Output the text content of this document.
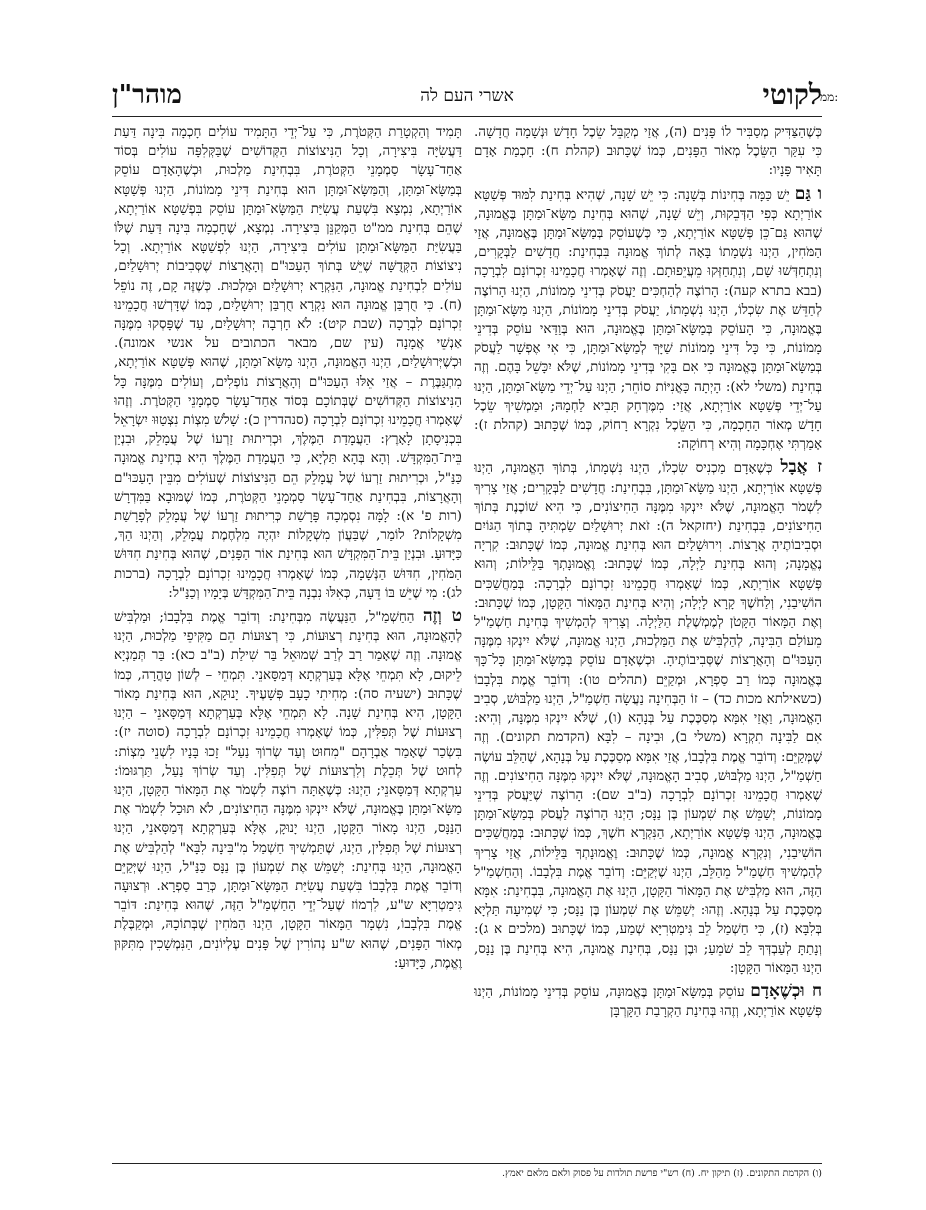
לקוטי
אשרי העם לה
מוהר"ן	ממ:

כְּשֶׁהַצַּדִּיק מְסַבִּיר לוֹ פָּנִים (ה), אֲזַי מְקַבֵּל שֵׂכֶל חָדָשׁ וּנְשָׁמָה חֲדָשָׁה. כִּי עִקַּר הַשֵּׂכֶל מְאוֹר הַפָּנִים, כְּמוֹ שֶׁכָּתוּב (קהלת ח): חָכְמַת אָדָם תָּאִיר פָּנָיו:

ו גַּם יֵשׁ כַּמָּה בְּחִינוֹת בְּשָׁנָה: כִּי יֵשׁ שָׁנָה, שֶׁהִיא בְּחִינַת לִמּוּד פְּשַׁטָּא אוֹרַיְתָא כְּפִי הַדְּבֵקוּת, וְיֵשׁ שָׁנָה, שֶׁהוּא בְּחִינַת מַשָּׂא־וּמַתָּן בֶּאֱמוּנָה, שֶׁהוּא גַּם־כֵּן פְּשַׁטָּא אוֹרַיְתָא, כִּי כְּשֶׁעוֹסֵק בְּמַשָּׂא־וּמַתָּן בֶּאֱמוּנָה, אֲזַי הַמֹּחִין, הַיְנוּ נִשְׁמָתוֹ בָּאָה לְתוֹךְ אֱמוּנָה בִּבְחִינַת: חֲדָשִׁים לַבְּקָרִים, וְנִתְחַדְּשׁוּ שָׁם, וְנִתְחַזְּקוּ מֵעֲיֵפוּתָם. וְזֶה שֶׁאָמְרוּ חֲכָמֵינוּ זִכְרוֹנָם לִבְרָכָה (בבא בתרא קעה): הָרוֹצֶה לְהַחְכִּים יַעֲסֹק בְּדִינֵי מָמוֹנוֹת, הַיְנוּ הָרוֹצֶה לְחַדֵּשׁ אֶת שִׂכְלוֹ, הַיְנוּ נִשְׁמָתוֹ, יַעֲסֹק בְּדִינֵי מָמוֹנוֹת, הַיְנוּ מַשָּׂא־וּמַתָּן בֶּאֱמוּנָה, כִּי הָעוֹסֵק בְּמַשָּׂא־וּמַתָּן בֶּאֱמוּנָה, הוּא בְּוַדַּאי עוֹסֵק בְּדִינֵי מָמוֹנוֹת, כִּי כָּל דִּינֵי מָמוֹנוֹת שַׁיָּךְ לְמַשָּׂא־וּמַתָּן, כִּי אִי אֶפְשָׁר לַעֲסֹק בְּמַשָּׂא־וּמַתָּן בֶּאֱמוּנָה כִּי אִם בָּקִי בְּדִינֵי מָמוֹנוֹת, שֶׁלֹּא יִכָּשֵׁל בָּהֶם. וְזֶה בְּחִינַת (משלי לא): הָיְתָה כָּאֳנִיּוֹת סוֹחֵר; הַיְנוּ עַל־יְדֵי מַשָּׂא־וּמַתָּן, הַיְנוּ עַל־יְדֵי פְּשַׁטָּא אוֹרַיְתָא, אֲזַי: מִמֶּרְחָק תָּבִיא לַחְמָהּ; וּמַמְשִׁיךְ שֵׂכֶל חָדָשׁ מְאוֹר הַחָכְמָה, כִּי הַשֵּׂכֶל נִקְרָא רָחוֹק, כְּמוֹ שֶׁכָּתוּב (קהלת ז): אָמַרְתִּי אֶחְכָּמָה וְהִיא רְחוֹקָה:

ז אֲבָל כְּשֶׁאָדָם מַכְנִיס שִׂכְלוֹ, הַיְנוּ נִשְׁמָתוֹ, בְּתוֹךְ הָאֱמוּנָה, הַיְנוּ פְּשַׁטָּא אוֹרַיְתָא, הַיְנוּ מַשָּׂא־וּמַתָּן, בִּבְחִינַת: חֲדָשִׁים לַבְּקָרִים; אֲזַי צָרִיךְ לִשְׁמֹר הָאֱמוּנָה, שֶׁלֹּא יִינְקוּ מִמֶּנָּה הַחִיצוֹנִים, כִּי הִיא שׁוֹכֶנֶת בְּתוֹךְ הַחִיצוֹנִים, בִּבְחִינַת (יחזקאל ה): זֹאת יְרוּשָׁלַיִם שַׂמְתִּיהָ בְּתוֹךְ הַגּוֹיִם וּסְבִיבוֹתֶיהָ אֲרָצוֹת. וִירוּשָׁלַיִם הוּא בְּחִינַת אֱמוּנָה, כְּמוֹ שֶׁכָּתוּב: קִרְיָה נֶאֱמָנָה; וְהוּא בְּחִינַת לַיְלָה, כְּמוֹ שֶׁכָּתוּב: וֶאֱמוּנָתְךָ בַּלֵּילוֹת; וְהוּא פְּשַׁטָּא אוֹרַיְתָא, כְּמוֹ שֶׁאָמְרוּ חֲכָמֵינוּ זִכְרוֹנָם לִבְרָכָה: בְּמַחֲשַׁכִּים הוֹשִׁיבַנִי, וְלַחֹשֶׁךְ קָרָא לָיְלָה; וְהִיא בְּחִינַת הַמָּאוֹר הַקָּטָן, כְּמוֹ שֶׁכָּתוּב: וְאֶת הַמָּאוֹר הַקָּטֹן לְמֶמְשֶׁלֶת הַלַּיְלָה. וְצָרִיךְ לְהַמְשִׁיךְ בְּחִינַת חַשְׁמַ"ל מֵעוֹלַם הַבִּינָה, לְהַלְבִּישׁ אֶת הַמַּלְכוּת, הַיְנוּ אֱמוּנָה, שֶׁלֹּא יִינְקוּ מִמֶּנָּה הָעַכּוּ"ם וְהָאֲרָצוֹת שֶׁסְּבִיבוֹתֶיהָ. וּכְשֶׁאָדָם עוֹסֵק בְּמַשָּׂא־וּמַתָּן כָּל־כָּךְ בֶּאֱמוּנָה כְּמוֹ רַב סַפְרָא, וּמְקַיֵּם (תהלים טו): וְדוֹבֵר אֱמֶת בִּלְבָבוֹ (כשאילתא מכות כד) – זוֹ הַבְּחִינָה נַעֲשָׂה חַשְׁמַ"ל, הַיְנוּ מַלְבּוּשׁ, סְבִיב הָאֱמוּנָה, וַאֲזַי אִמָּא מְסַכֶּכֶת עַל בְּנָהָא (ו), שֶׁלֹּא יִינְקוּ מִמֶּנָּה, וְהִיא: אִם לַבִּינָה תִקְרָא (משלי ב), וּבִינָה – לִבָּא (הקדמת תקונים). וְזֶה שֶׁמְּקַיֵּם: וְדוֹבֵר אֱמֶת בִּלְבָבוֹ, אֲזַי אִמָּא מְסַכֶּכֶת עַל בְּנָהָא, שֶׁהַלֵּב עוֹשֶׂה חַשְׁמַ"ל, הַיְנוּ מַלְבּוּשׁ, סְבִיב הָאֱמוּנָה, שֶׁלֹּא יִינְקוּ מִמֶּנָּה הַחִיצוֹנִים. וְזֶה שֶׁאָמְרוּ חֲכָמֵינוּ זִכְרוֹנָם לִבְרָכָה (ב"ב שם): הָרוֹצֶה שֶׁיַּעֲסֹק בְּדִינֵי מָמוֹנוֹת, יְשַׁמֵּשׁ אֶת שִׁמְעוֹן בֶּן נַנָּס; הַיְנוּ הָרוֹצֶה לַעֲסֹק בְּמַשָּׂא־וּמַתָּן בֶּאֱמוּנָה, הַיְנוּ פְּשַׁטָּא אוֹרַיְתָא, הַנִּקְרָא חֹשֶׁךְ, כְּמוֹ שֶׁכָּתוּב: בְּמַחֲשַׁכִּים הוֹשִׁיבַנִי, וְנִקְרָא אֱמוּנָה, כְּמוֹ שֶׁכָּתוּב: וֶאֱמוּנָתְךָ בַּלֵּילוֹת, אֲזַי צָרִיךְ לְהַמְשִׁיךְ חַשְׁמַ"ל מֵהַלֵּב, הַיְנוּ שֶׁיְּקַיֵּם: וְדוֹבֵר אֱמֶת בִּלְבָבוֹ. וְהַחַשְׁמַ"ל הַזֶּה, הוּא מַלְבִּישׁ אֶת הַמָּאוֹר הַקָּטָן, הַיְנוּ אֶת הָאֱמוּנָה, בִּבְחִינַת: אִמָּא מְסַכֶּכֶת עַל בְּנָהָא. וְזֶהוּ: יְשַׁמֵּשׁ אֶת שִׁמְעוֹן בֶּן נַנָּס; כִּי שְׁמִיעָה תַּלְיָא בְּלִבָּא (ז), כִּי חַשְׁמַל לֵב גִּימַטְרִיָּא שְׁמַע, כְּמוֹ שֶׁכָּתוּב (מלכים א ג): וְנָתַתָּ לְעַבְדְּךָ לֵב שֹׁמֵעַ; וּבֶן נַנָּס, בְּחִינַת אֱמוּנָה, הִיא בְּחִינַת בֶּן נַנָּס, הַיְנוּ הַמָּאוֹר הַקָּטָן:

ח וּכְשֶׁאָדָם עוֹסֵק בְּמַשָּׂא־וּמַתָּן בֶּאֱמוּנָה, עוֹסֵק בְּדִינֵי מָמוֹנוֹת, הַיְנוּ פְּשַׁטָּא אוֹרַיְתָא, וְזֶהוּ בְּחִינַת הַקְרָבַת הַקָּרְבָּן

תָּמִיד וְהַקְטָרַת הַקְּטֹרֶת, כִּי עַל־יְדֵי הַתָּמִיד עוֹלִים חָכְמָה בִּינָה דַּעַת דַּעֲשִׂיָּה בִּיצִירָה, וְכָל הַנִּיצוֹצוֹת הַקְּדוֹשִׁים שֶׁבַּקְּלִפָּה עוֹלִים בְּסוֹד אַחַד־עָשָׂר סַמְמָנֵי הַקְּטֹרֶת, בִּבְחִינַת מַלְכוּת, וּכְשֶׁהָאָדָם עוֹסֵק בְּמַשָּׂא־וּמַתָּן, וְהַמַּשָּׂא־וּמַתָּן הוּא בְּחִינַת דִּינֵי מָמוֹנוֹת, הַיְנוּ פְּשַׁטָּא אוֹרַיְתָא, נִמְצָא בִּשְׁעַת עֲשִׂיַּת הַמַּשָּׂא־וּמַתָּן עוֹסֵק בִּפְשַׁטָּא אוֹרַיְתָא, שֶׁהֵם בְּחִינַת ממ"ט הַמְּקַנֵּן בִּיצִירָה. נִמְצָא, שֶׁחָכְמָה בִּינָה דַּעַת שֶׁלּוֹ בַּעֲשִׂיַּת הַמַּשָּׂא־וּמַתָּן עוֹלִים בִּיצִירָה, הַיְנוּ לִפְשַׁטָּא אוֹרַיְתָא. וְכָל נִיצוֹצוֹת הַקְּדֻשָּׁה שֶׁיֵּשׁ בְּתוֹךְ הָעַכּוּ"ם וְהָאֲרָצוֹת שֶׁסְּבִיבוֹת יְרוּשָׁלַיִם, עוֹלִים לִבְחִינַת אֱמוּנָה, הַנִּקְרָא יְרוּשָׁלַיִם וּמַלְכוּת. כְּשֶׁזֶּה קָם, זֶה נוֹפֵל (ח). כִּי חֻרְבַּן אֱמוּנָה הוּא נִקְרָא חֻרְבַּן יְרוּשָׁלַיִם, כְּמוֹ שֶׁדָּרְשׁוּ חֲכָמֵינוּ זִכְרוֹנָם לִבְרָכָה (שבת קיט): לֹא חָרְבָה יְרוּשָׁלַיִם, עַד שֶׁפָּסְקוּ מִמֶּנָּה אַנְשֵׁי אֲמָנָה (עין שם, מבאר הכתובים על אנשי אמונה). וּכְשֶׁיְּרוּשָׁלַיִם, הַיְנוּ הָאֱמוּנָה, הַיְנוּ מַשָּׂא־וּמַתָּן, שֶׁהוּא פְּשַׁטָּא אוֹרַיְתָא, מִתְגַּבֶּרֶת – אֲזַי אֵלּוּ הָעַכּוּ"ם וְהָאֲרָצוֹת נוֹפְלִים, וְעוֹלִים מִמֶּנָּה כָּל הַנִּיצוֹצוֹת הַקְּדוֹשִׁים שֶׁבְּתוֹכָם בְּסוֹד אַחַד־עָשָׂר סַמְמָנֵי הַקְּטֹרֶת. וְזֶהוּ שֶׁאָמְרוּ חֲכָמֵינוּ זִכְרוֹנָם לִבְרָכָה (סנהדרין כ): שָׁלֹשׁ מִצְוֹת נִצְטַוּוּ יִשְׂרָאֵל בִּכְנִיסָתָן לָאָרֶץ: הַעֲמָדַת הַמֶּלֶךְ, וּכְרִיתוּת זַרְעוֹ שֶׁל עֲמָלֵק, וּבִנְיַן בֵּית־הַמִּקְדָּשׁ. וְהָא בְּהָא תַּלְיָא, כִּי הַעֲמָדַת הַמֶּלֶךְ הִיא בְּחִינַת אֱמוּנָה כַּנַּ"ל, וּכְרִיתוּת זַרְעוֹ שֶׁל עֲמָלֵק הֵם הַנִּיצוֹצוֹת שֶׁעוֹלִים מִבֵּין הָעַכּוּ"ם וְהָאֲרָצוֹת, בִּבְחִינַת אַחַד־עָשָׂר סַמְמָנֵי הַקְּטֹרֶת, כְּמוֹ שֶׁמּוּבָא בַּמִּדְרָשׁ (רות פ' א): לָמָּה נִסְמְכָה פָּרָשַׁת כְּרִיתוּת זַרְעוֹ שֶׁל עֲמָלֵק לְפָרָשַׁת מִשְׁקָלוֹת? לוֹמַר, שֶׁבַּעֲוֹן מִשְׁקָלוֹת יִהְיֶה מִלְחֶמֶת עֲמָלֵק, וְהַיְנוּ הַךְ, כַּיָּדוּעַ. וּבִנְיַן בֵּית־הַמִּקְדָּשׁ הוּא בְּחִינַת אוֹר הַפָּנִים, שֶׁהוּא בְּחִינַת חִדּוּשׁ הַמֹּחִין, חִדּוּשׁ הַנְּשָׁמָה, כְּמוֹ שֶׁאָמְרוּ חֲכָמֵינוּ זִכְרוֹנָם לִבְרָכָה (ברכות לג): מִי שֶׁיֵּשׁ בּוֹ דֵּעָה, כְּאִלּוּ נִבְנָה בֵּית־הַמִּקְדָּשׁ בְּיָמָיו וְכַנַּ"ל:

ט וְזֶה הַחַשְׁמַ"ל, הַנַּעֲשֶׂה מִבְּחִינַת: וְדוֹבֵר אֱמֶת בִּלְבָבוֹ; וּמַלְבִּישׁ לְהָאֱמוּנָה, הוּא בְּחִינַת רְצוּעוֹת, כִּי רְצוּעוֹת הֵם מַקִּיפֵי מַלְכוּת, הַיְנוּ אֱמוּנָה. וְזֶה שֶׁאָמַר רַב לְרַב שְׁמוּאֵל בַּר שִׁילַת (ב"ב כא): בַּר תְּמַנְיָא לֵיקוּם, לָא תִּמְחֵי אֶלָּא בְּעַרְקְתָא דְּמַסָּאנֵי. תִּמְחֵי – לְשׁוֹן טָהֳרָה, כְּמוֹ שֶׁכָּתוּב (ישעיה סה): מְחִיתִי כָעָב פְּשָׁעֶיךָ. יָנוּקָא, הוּא בְּחִינַת מָאוֹר הַקָּטָן, הִיא בְּחִינַת שָׁנָה. לָא תִּמְחֵי אֶלָּא בְּעַרְקְתָא דְּמַסָּאנֵי – הַיְנוּ רְצוּעוֹת שֶׁל תְּפִלִּין, כְּמוֹ שֶׁאָמְרוּ חֲכָמֵינוּ זִכְרוֹנָם לִבְרָכָה (סוטה יז): בִּשְׂכַר שֶׁאָמַר אַבְרָהָם "מִחוּט וְעַד שְׂרוֹךְ נַעַל" זָכוּ בָּנָיו לִשְׁנֵי מִצְוֹת: לְחוּט שֶׁל תְּכֵלֶת וְלִרְצוּעוֹת שֶׁל תְּפִלִּין. וְעַד שְׂרוֹךְ נַעַל, תַּרְגּוּמוֹ: עַרְקְתָא דְּמַסָּאנֵי; הַיְנוּ: כְּשֶׁאַתָּה רוֹצֶה לִשְׁמֹר אֶת הַמָּאוֹר הַקָּטָן, הַיְנוּ מַשָּׂא־וּמַתָּן בֶּאֱמוּנָה, שֶׁלֹּא יִינְקוּ מִמֶּנָּה הַחִיצוֹנִים, לֹא תּוּכַל לִשְׁמֹר אֶת הַנַּנָּס, הַיְנוּ מָאוֹר הַקָּטָן, הַיְנוּ יָנוּקָ, אֶלָּא בְּעַרְקְתָא דְּמַסָּאנֵי, הַיְנוּ רְצוּעוֹת שֶׁל תְּפִלִּין, הַיְנוּ, שֶׁתַּמְשִׁיךְ חַשְׁמַל מִ"בִּינָה לִבָּא" לְהַלְבִּישׁ אֶת הָאֱמוּנָה, הַיְנוּ בְּחִינַת: יְשַׁמֵּשׁ אֶת שִׁמְעוֹן בֶּן נַנָּס כַּנַּ"ל, הַיְנוּ שֶׁיְּקַיֵּם וְדוֹבֵר אֱמֶת בִּלְבָבוֹ בִּשְׁעַת עֲשִׂיַּת הַמַּשָּׂא־וּמַתָּן, כְּרַב סַפְרָא. וּרְצוּעָה גִּימַטְרִיָּא ש"ע, לִרְמוֹז שֶׁעַל־יְדֵי הַחַשְׁמַ"ל הַזֶּה, שֶׁהוּא בְּחִינַת: דּוֹבֵר אֱמֶת בִּלְבָבוֹ, נִשְׁמָר הַמָּאוֹר הַקָּטָן, הַיְנוּ הַמֹּחִין שֶׁבְּתוֹכָהּ, וּמְקַבֶּלֶת מְאוֹר הַפָּנִים, שֶׁהוּא ש"ע נְהוֹרִין שֶׁל פָּנִים עֶלְיוֹנִים, הַנִּמְשָׁכִין מִתִּקּוּן וֶאֱמֶת, כַּיָּדוּעַ:

(ו) הקדמת התקונים. (ז) תיקון יח. (ח) רש"י פרשת תולדות על פסוק ולאם מלאם יאמץ.
